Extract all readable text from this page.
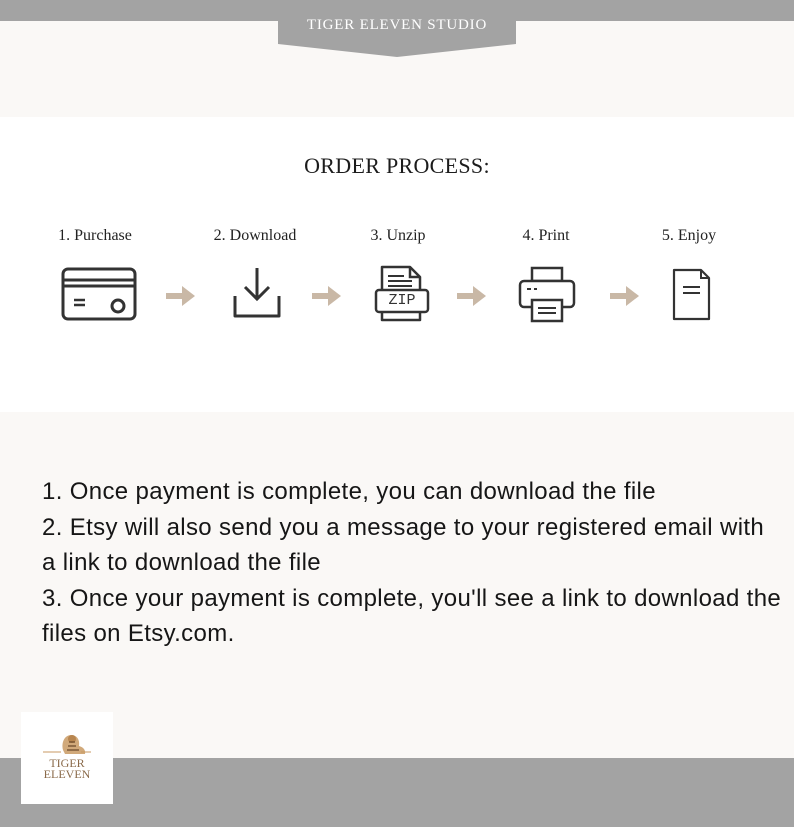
TIGER ELEVEN STUDIO
ORDER PROCESS:
1. Purchase	2. Download	3. Unzip	4. Print	5. Enjoy
ZIP

1. Once payment is complete, you can download the file

2. Etsy will also send you a message to your registered email with a link to download the file

3. Once your payment is complete, you'll see a link to download the files on Etsy.com.

TIGER
ELEVEN
